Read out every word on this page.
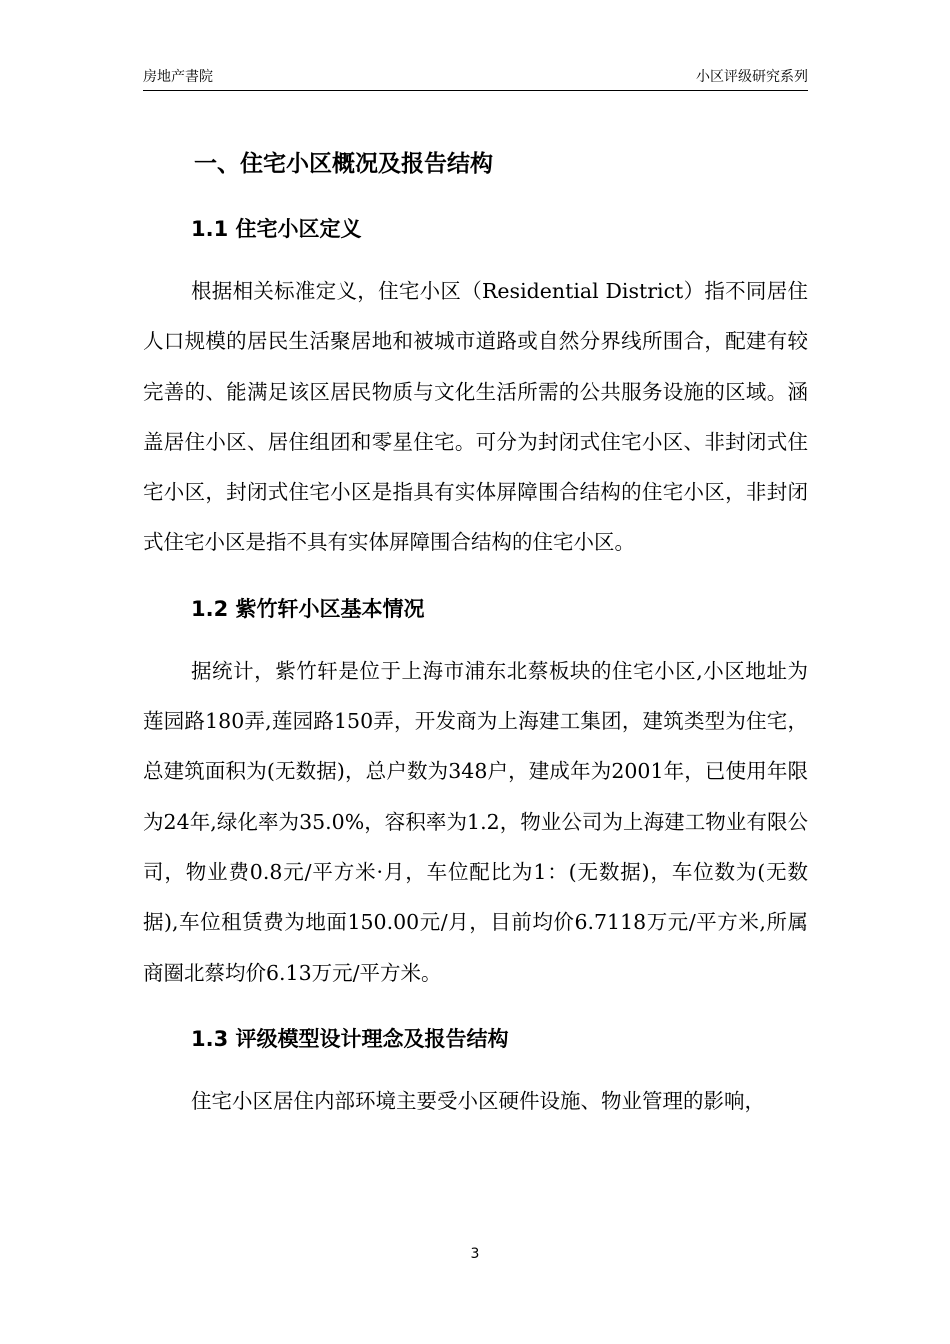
房地产書院	小区评级研究系列
一、住宅小区概况及报告结构
1.1 住宅小区定义

根据相关标准定义，住宅小区（Residential District）指不同居住人口规模的居民生活聚居地和被城市道路或自然分界线所围合，配建有较完善的、能满足该区居民物质与文化生活所需的公共服务设施的区域。涵盖居住小区、居住组团和零星住宅。可分为封闭式住宅小区、非封闭式住宅小区，封闭式住宅小区是指具有实体屏障围合结构的住宅小区，非封闭式住宅小区是指不具有实体屏障围合结构的住宅小区。

1.2 紫竹轩小区基本情况

据统计，紫竹轩是位于上海市浦东北蔡板块的住宅小区,小区地址为莲园路180弄,莲园路150弄，开发商为上海建工集团，建筑类型为住宅，总建筑面积为(无数据)，总户数为348户，建成年为2001年，已使用年限为24年,绿化率为35.0%，容积率为1.2，物业公司为上海建工物业有限公司，物业费0.8元/平方米·月，车位配比为1：(无数据)，车位数为(无数据),车位租赁费为地面150.00元/月，目前均价6.7118万元/平方米,所属商圈北蔡均价6.13万元/平方米。

1.3 评级模型设计理念及报告结构

住宅小区居住内部环境主要受小区硬件设施、物业管理的影响，

3
